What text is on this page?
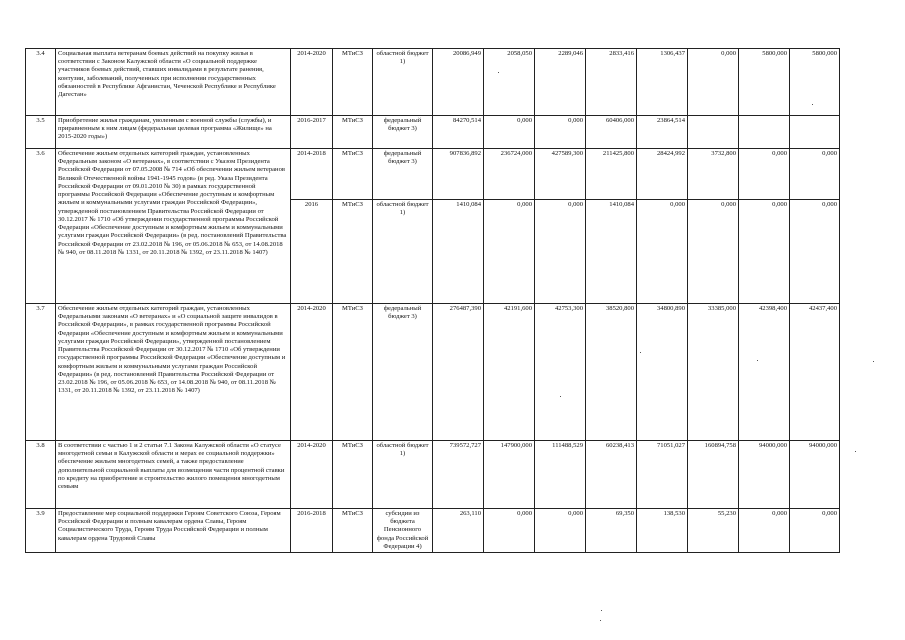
3.4	Социальная выплата ветеранам боевых действий на покупку жилья в соответствии с Законом Калужской области «О социальной поддержке участников боевых действий, ставших инвалидами в результате ранения, контузии, заболеваний, полученных при исполнении государственных обязанностей в Республике Афганистан, Чеченской Республике и Республике Дагестан»	2014-2020	МТиСЗ	областной бюджет 1)	20086,949	2058,050	2289,046	2833,416	1306,437	0,000	5800,000	5800,000
3.5	Приобретение жилья гражданам, уволенным с военной службы (службы), и приравненным к ним лицам (федеральная целевая программа «Жилище» на 2015-2020 годы»)	2016-2017	МТиСЗ	федеральный бюджет 3)	84270,514	0,000	0,000	60406,000	23864,514			
3.6	Обеспечение жильем отдельных категорий граждан, установленных Федеральным законом «О ветеранах», в соответствии с Указом Президента Российской Федерации от 07.05.2008 № 714 «Об обеспечении жильем ветеранов Великой Отечественной войны 1941-1945 годов» (в ред. Указа Президента Российской Федерации от 09.01.2010 № 30) в рамках государственной программы Российской Федерации «Обеспечение доступным и комфортным жильем и коммунальными услугами граждан Российской Федерации», утвержденной постановлением Правительства Российской Федерации от 30.12.2017 № 1710 «Об утверждении государственной программы Российской Федерации «Обеспечение доступным и комфортным жильем и коммунальными услугами граждан Российской Федерации» (в ред. постановлений Правительства Российской Федерации от 23.02.2018 № 196, от 05.06.2018 № 653, от 14.08.2018 № 940, от 08.11.2018 № 1331, от 20.11.2018 № 1392, от 23.11.2018 № 1407)	2014-2018	МТиСЗ	федеральный бюджет 3)	907836,892	236724,000	427589,300	211425,800	28424,992	3732,800	0,000	0,000
		2016	МТиСЗ	областной бюджет 1)	1410,084	0,000	0,000	1410,084	0,000	0,000	0,000	0,000
3.7	Обеспечение жильем отдельных категорий граждан, установленных Федеральными законами «О ветеранах» и «О социальной защите инвалидов в Российской Федерации», в рамках государственной программы Российской Федерации «Обеспечение доступным и комфортным жильем и коммунальными услугами граждан Российской Федерации», утвержденной постановлением Правительства Российской Федерации от 30.12.2017 № 1710 «Об утверждении государственной программы Российской Федерации «Обеспечение доступным и комфортным жильем и коммунальными услугами граждан Российской Федерации» (в ред. постановлений Правительства Российской Федерации от 23.02.2018 № 196, от 05.06.2018 № 653, от 14.08.2018 № 940, от 08.11.2018 № 1331, от 20.11.2018 № 1392, от 23.11.2018 № 1407)	2014-2020	МТиСЗ	федеральный бюджет 3)	276487,390	42191,600	42753,300	38520,800	34800,890	33385,000	42398,400	42437,400
3.8	В соответствии с частью 1 и 2 статьи 7.1 Закона Калужской области «О статусе многодетной семьи в Калужской области и мерах ее социальной поддержки» обеспечение жильем многодетных семей, а также предоставление дополнительной социальной выплаты для возмещения части процентной ставки по кредиту на приобретение и строительство жилого помещения многодетным семьям	2014-2020	МТиСЗ	областной бюджет 1)	739572,727	147900,000	111488,529	60238,413	71051,027	160894,758	94000,000	94000,000
3.9	Предоставление мер социальной поддержки Героям Советского Союза, Героям Российской Федерации и полным кавалерам ордена Славы, Героям Социалистического Труда, Героям Труда Российской Федерации и полным кавалерам ордена Трудовой Славы	2016-2018	МТиСЗ	субсидии из бюджета Пенсионного фонда Российской Федерации 4)	263,110	0,000	0,000	69,350	138,530	55,230	0,000	0,000
